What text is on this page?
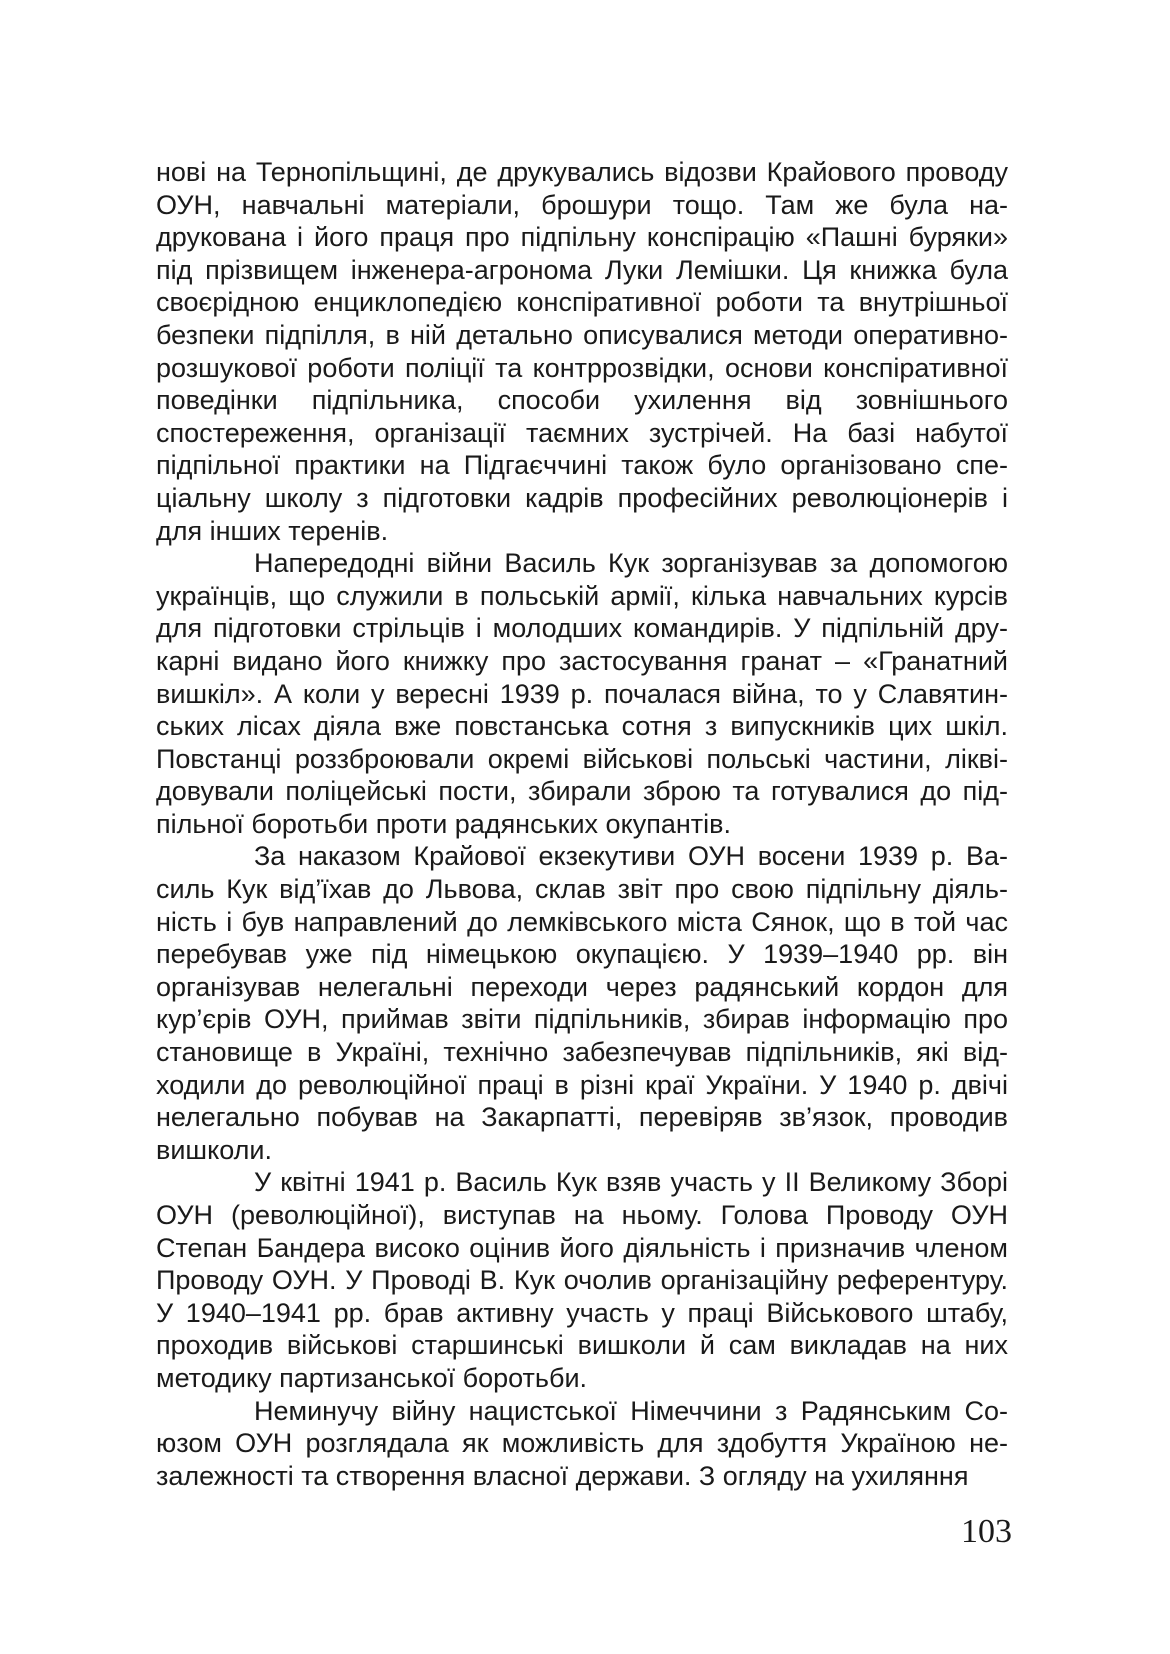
нові на Тернопільщині, де друкувались відозви Крайового проводу ОУН, навчальні матеріали, брошури тощо. Там же була надрукована і його праця про підпільну конспірацію «Пашні буряки» під прізвищем інженера-агронома Луки Лемішки. Ця книжка була своєрідною енциклопедією конспіративної роботи та внутрішньої безпеки підпілля, в ній детально описувалися методи оперативно-розшукової роботи поліції та контррозвідки, основи конспіративної поведінки підпільника, способи ухилення від зовнішнього спостереження, організації таємних зустрічей. На базі набутої підпільної практики на Підгаєччині також було організовано спеціальну школу з підготовки кадрів професійних революціонерів і для інших теренів.

Напередодні війни Василь Кук зорганізував за допомогою українців, що служили в польській армії, кілька навчальних курсів для підготовки стрільців і молодших командирів. У підпільній друкарні видано його книжку про застосування гранат – «Гранатний вишкіл». А коли у вересні 1939 р. почалася війна, то у Славятинських лісах діяла вже повстанська сотня з випускників цих шкіл. Повстанці роззброювали окремі військові польські частини, ліквідовували поліцейські пости, збирали зброю та готувалися до підпільної боротьби проти радянських окупантів.

За наказом Крайової екзекутиви ОУН восени 1939 р. Василь Кук від’їхав до Львова, склав звіт про свою підпільну діяльність і був направлений до лемківського міста Сянок, що в той час перебував уже під німецькою окупацією. У 1939–1940 рр. він організував нелегальні переходи через радянський кордон для кур’єрів ОУН, приймав звіти підпільників, збирав інформацію про становище в Україні, технічно забезпечував підпільників, які відходили до революційної праці в різні краї України. У 1940 р. двічі нелегально побував на Закарпатті, перевіряв зв’язок, проводив вишколи.

У квітні 1941 р. Василь Кук взяв участь у II Великому Зборі ОУН (революційної), виступав на ньому. Голова Проводу ОУН Степан Бандера високо оцінив його діяльність і призначив членом Проводу ОУН. У Проводі В. Кук очолив організаційну референтуру. У 1940–1941 рр. брав активну участь у праці Військового штабу, проходив військові старшинські вишколи й сам викладав на них методику партизанської боротьби.

Неминучу війну нацистської Німеччини з Радянським Союзом ОУН розглядала як можливість для здобуття Україною незалежності та створення власної держави. З огляду на ухиляння

103
